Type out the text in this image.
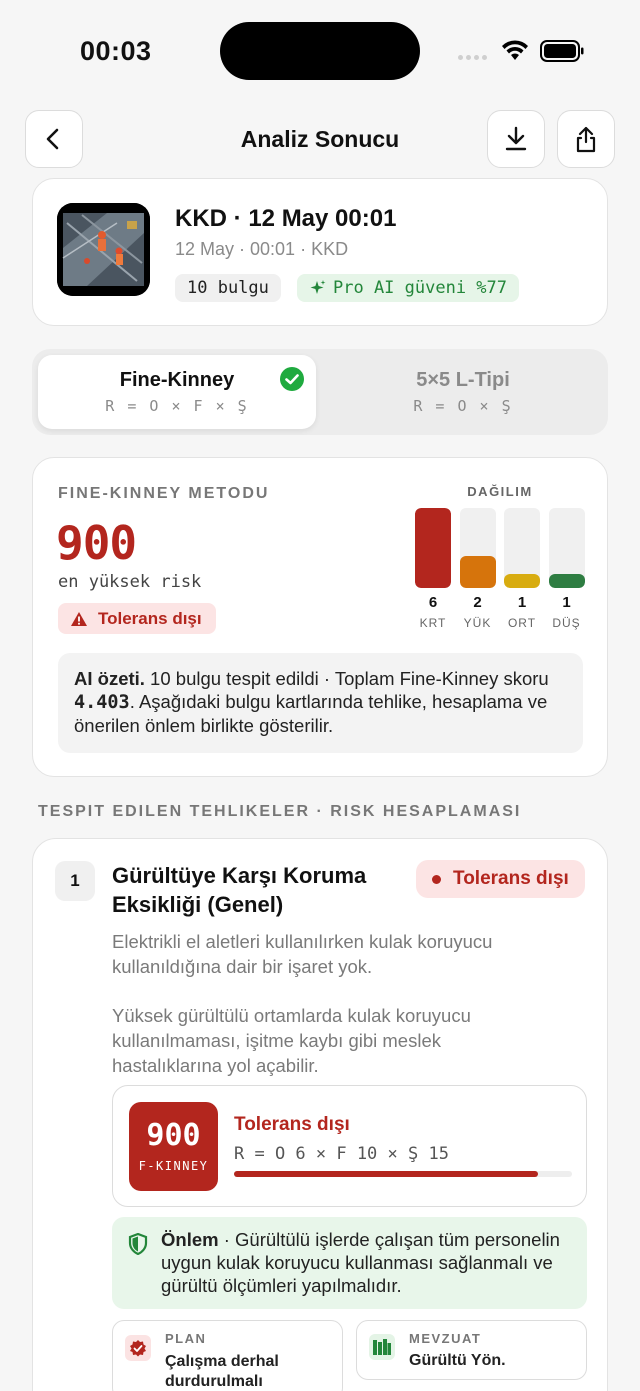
00:03
Analiz Sonucu
KKD · 12 May 00:01
12 May · 00:01 · KKD
10 bulgu	Pro AI güveni %77
Fine-Kinney
R = O × F × Ş
5×5 L-Tipi
R = O × Ş
FINE-KINNEY METODU
900
en yüksek risk
Tolerans dışı
DAĞILIM
6
KRT
2
YÜK
1
ORT
1
DÜŞ
AI özeti. 10 bulgu tespit edildi · Toplam Fine-Kinney skoru 4.403. Aşağıdaki bulgu kartlarında tehlike, hesaplama ve önerilen önlem birlikte gösterilir.
TESPIT EDILEN TEHLIKELER · RISK HESAPLAMASI
1	Gürültüye Karşı Koruma Eksikliği (Genel)
Tolerans dışı
Elektrikli el aletleri kullanılırken kulak koruyucu kullanıldığına dair bir işaret yok.
Yüksek gürültülü ortamlarda kulak koruyucu kullanılmaması, işitme kaybı gibi meslek hastalıklarına yol açabilir.
900
F-KINNEY
Tolerans dışı
R = O 6 × F 10 × Ş 15
Önlem · Gürültülü işlerde çalışan tüm personelin uygun kulak koruyucu kullanması sağlanmalı ve gürültü ölçümleri yapılmalıdır.
PLAN
Çalışma derhal durdurulmalı
MEVZUAT
Gürültü Yön.
